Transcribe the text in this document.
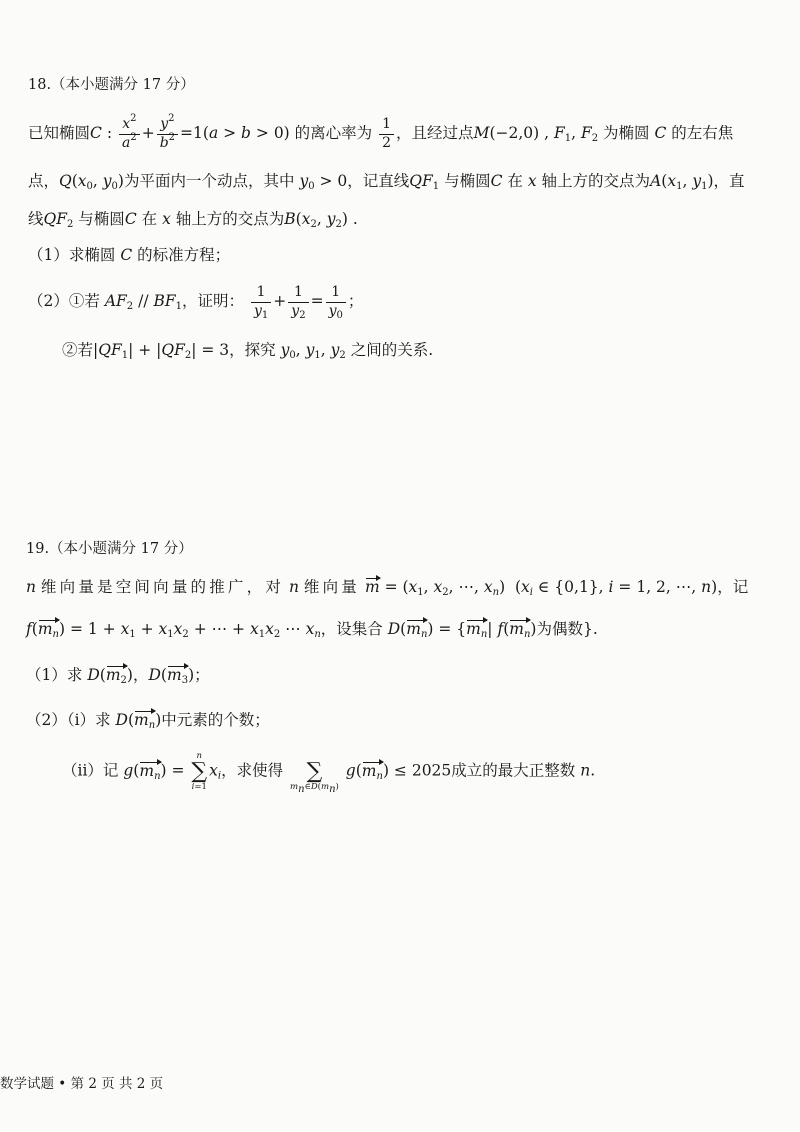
18.（本小题满分 17 分）
已知椭圆C : $\frac{x^2}{a^2} + \frac{y^2}{b^2} =1(a > b > 0)$ 的离心率为 $\frac{1}{2}$ ，且经过点M(−2,0) , $F_1$, $F_2$ 为椭圆 C 的左右焦
点，$Q(x_0$, $y_0$)为平面内一个动点，其中 $y_0 > 0$，记直线$QF_1$ 与椭圆C 在 x 轴上方的交点为$A(x_1$, $y_1$)，直
线$QF_2$ 与椭圆C 在 x 轴上方的交点为$B(x_2$, $y_2$) .
（1）求椭圆 C 的标准方程；
（2）①若 $AF_2 // BF_1$，证明： $\frac{1}{y_1} + \frac{1}{y_2} = \frac{1}{y_0}$ ；
②若$|QF_1| + |QF_2| = 3$，探究 $y_0$, $y_1$, $y_2$ 之间的关系.
19.（本小题满分 17 分）
n 维向量是空间向量的推广，对 n 维向量 $m = (x_1$, $x_2$, ⋯, $x_n$)  ($x_i$ ∈ {0,1}, i = 1, 2, ⋯, n)，记
$f(m_n) = 1 + x_1 + x_1x_2$ + ⋯ + $x_1x_2$ ⋯ $x_n$，设集合 $D(m_n) = \{m_n|$ $f(m_n)$为偶数}.
（1）求 $D(m_2)$，$D(m_3)$；
（2）（i）求 $D(m_n)$中元素的个数；
（ii）记 $g(m_n)$ =
n
∑
i=1
$x_i$，求使得
	∑
$m_n\in D(m_n)$
$g(m_n) \le 2025$成立的最大正整数 n.
数学试题 • 第 2 页 共 2 页
